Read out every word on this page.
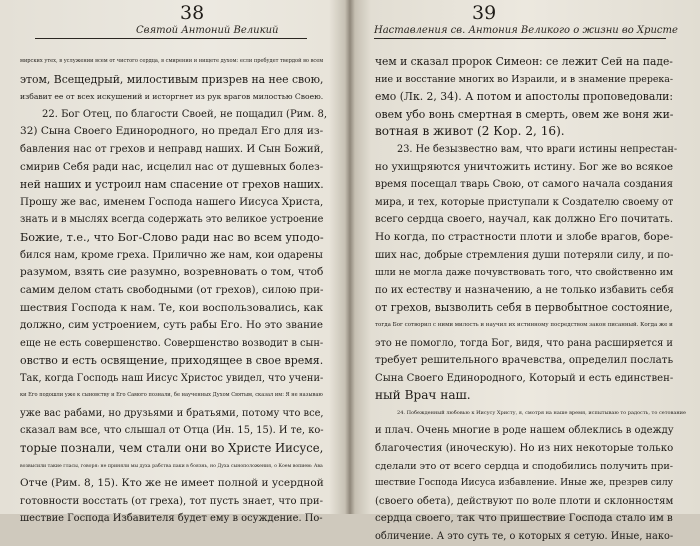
38
Святой Антоний Великий
мирских утех, в услужении всем от чистого сердца, в смирении и нищете духом: если пребудет твердой во всем
этом, Всещедрый, милостивым призрев на нее свою,
избавит ее от всех искушений и исторгнет из рук врагов милостью Своею.
22. Бог Отец, по благости Своей, не пощадил (Рим. 8,
32) Сына Своего Единородного, но предал Его для из-
бавления нас от грехов и неправд наших. И Сын Божий,
смирив Себя ради нас, исцелил нас от душевных болез-
ней наших и устроил нам спасение от грехов наших.
Прошу же вас, именем Господа нашего Иисуса Христа,
знать и в мыслях всегда содержать это великое устроение
Божие, т.е., что Бог-Слово ради нас во всем уподо-
бился нам, кроме греха. Прилично же нам, кои одарены
разумом, взять сие разумно, возревновать о том, чтоб
самим делом стать свободными (от грехов), силою при-
шествия Господа к нам. Те, кои воспользовались, как
должно, сим устроением, суть рабы Его. Но это звание
еще не есть совершенство. Совершенство возводит в сын-
овство и есть освящение, приходящее в свое время.
Так, когда Господь наш Иисус Христос увидел, что учени-
ки Его подошли уже к сыновству и Его Самого познали, бе наученных Духом Святым, сказал им: Я не называю
уже вас рабами, но друзьями и братьями, потому что все,
сказал вам все, что слышал от Отца (Ин. 15, 15). И те, ко-
торые познали, чем стали они во Христе Иисусе,
возвысили такие гласы, говоря: не приняли мы духа рабства паки в боязнь, но Духа сыноположения, о Коем вопием: Ава
Отче (Рим. 8, 15). Кто же не имеет полной и усердной
готовности восстать (от греха), тот пусть знает, что при-
шествие Господа Избавителя будет ему в осуждение. По-
39
Наставления св. Антония Великого о жизни во Христе
чем и сказал пророк Симеон: се лежит Сей на паде-
ние и восстание многих во Израили, и в знамение пререка-
емо (Лк. 2, 34). А потом и апостолы проповедовали:
овем убо вонь смертная в смерть, овем же воня жи-
вотная в живот (2 Кор. 2, 16).
23. Не безызвестно вам, что враги истины непрестан-
но ухищряются уничтожить истину. Бог же во всякое
время посещал тварь Свою, от самого начала создания
мира, и тех, которые приступали к Создателю своему от
всего сердца своего, научал, как должно Его почитать.
Но когда, по страстности плоти и злобе врагов, боре-
ших нас, добрые стремления души потеряли силу, и по-
шли не могла даже почувствовать того, что свойственно им
по их естеству и назначению, а не только избавить себя
от грехов, вызволить себя в первобытное состояние,
тогда Бог сотворил с ними милость и научил их истинному посредством закон писанный. Когда же и
это не помогло, тогда Бог, видя, что рана расширяется и
требует решительного врачевства, определил послать
Сына Своего Единородного, Который и есть единствен-
ный Врач наш.
24. Побежденный любовью к Иисусу Христу, я, смотря на наше время, испытываю то радость, то сетование
и плач. Очень многие в роде нашем облеклись в одежду
благочестия (иноческую). Но из них некоторые только
сделали это от всего сердца и сподобились получить при-
шествие Господа Иисуса избавление. Иные же, презрев силу
(своего обета), действуют по воле плоти и склонностям
сердца своего, так что пришествие Господа стало им в
обличение. А это суть те, о которых я сетую. Иные, нако-
